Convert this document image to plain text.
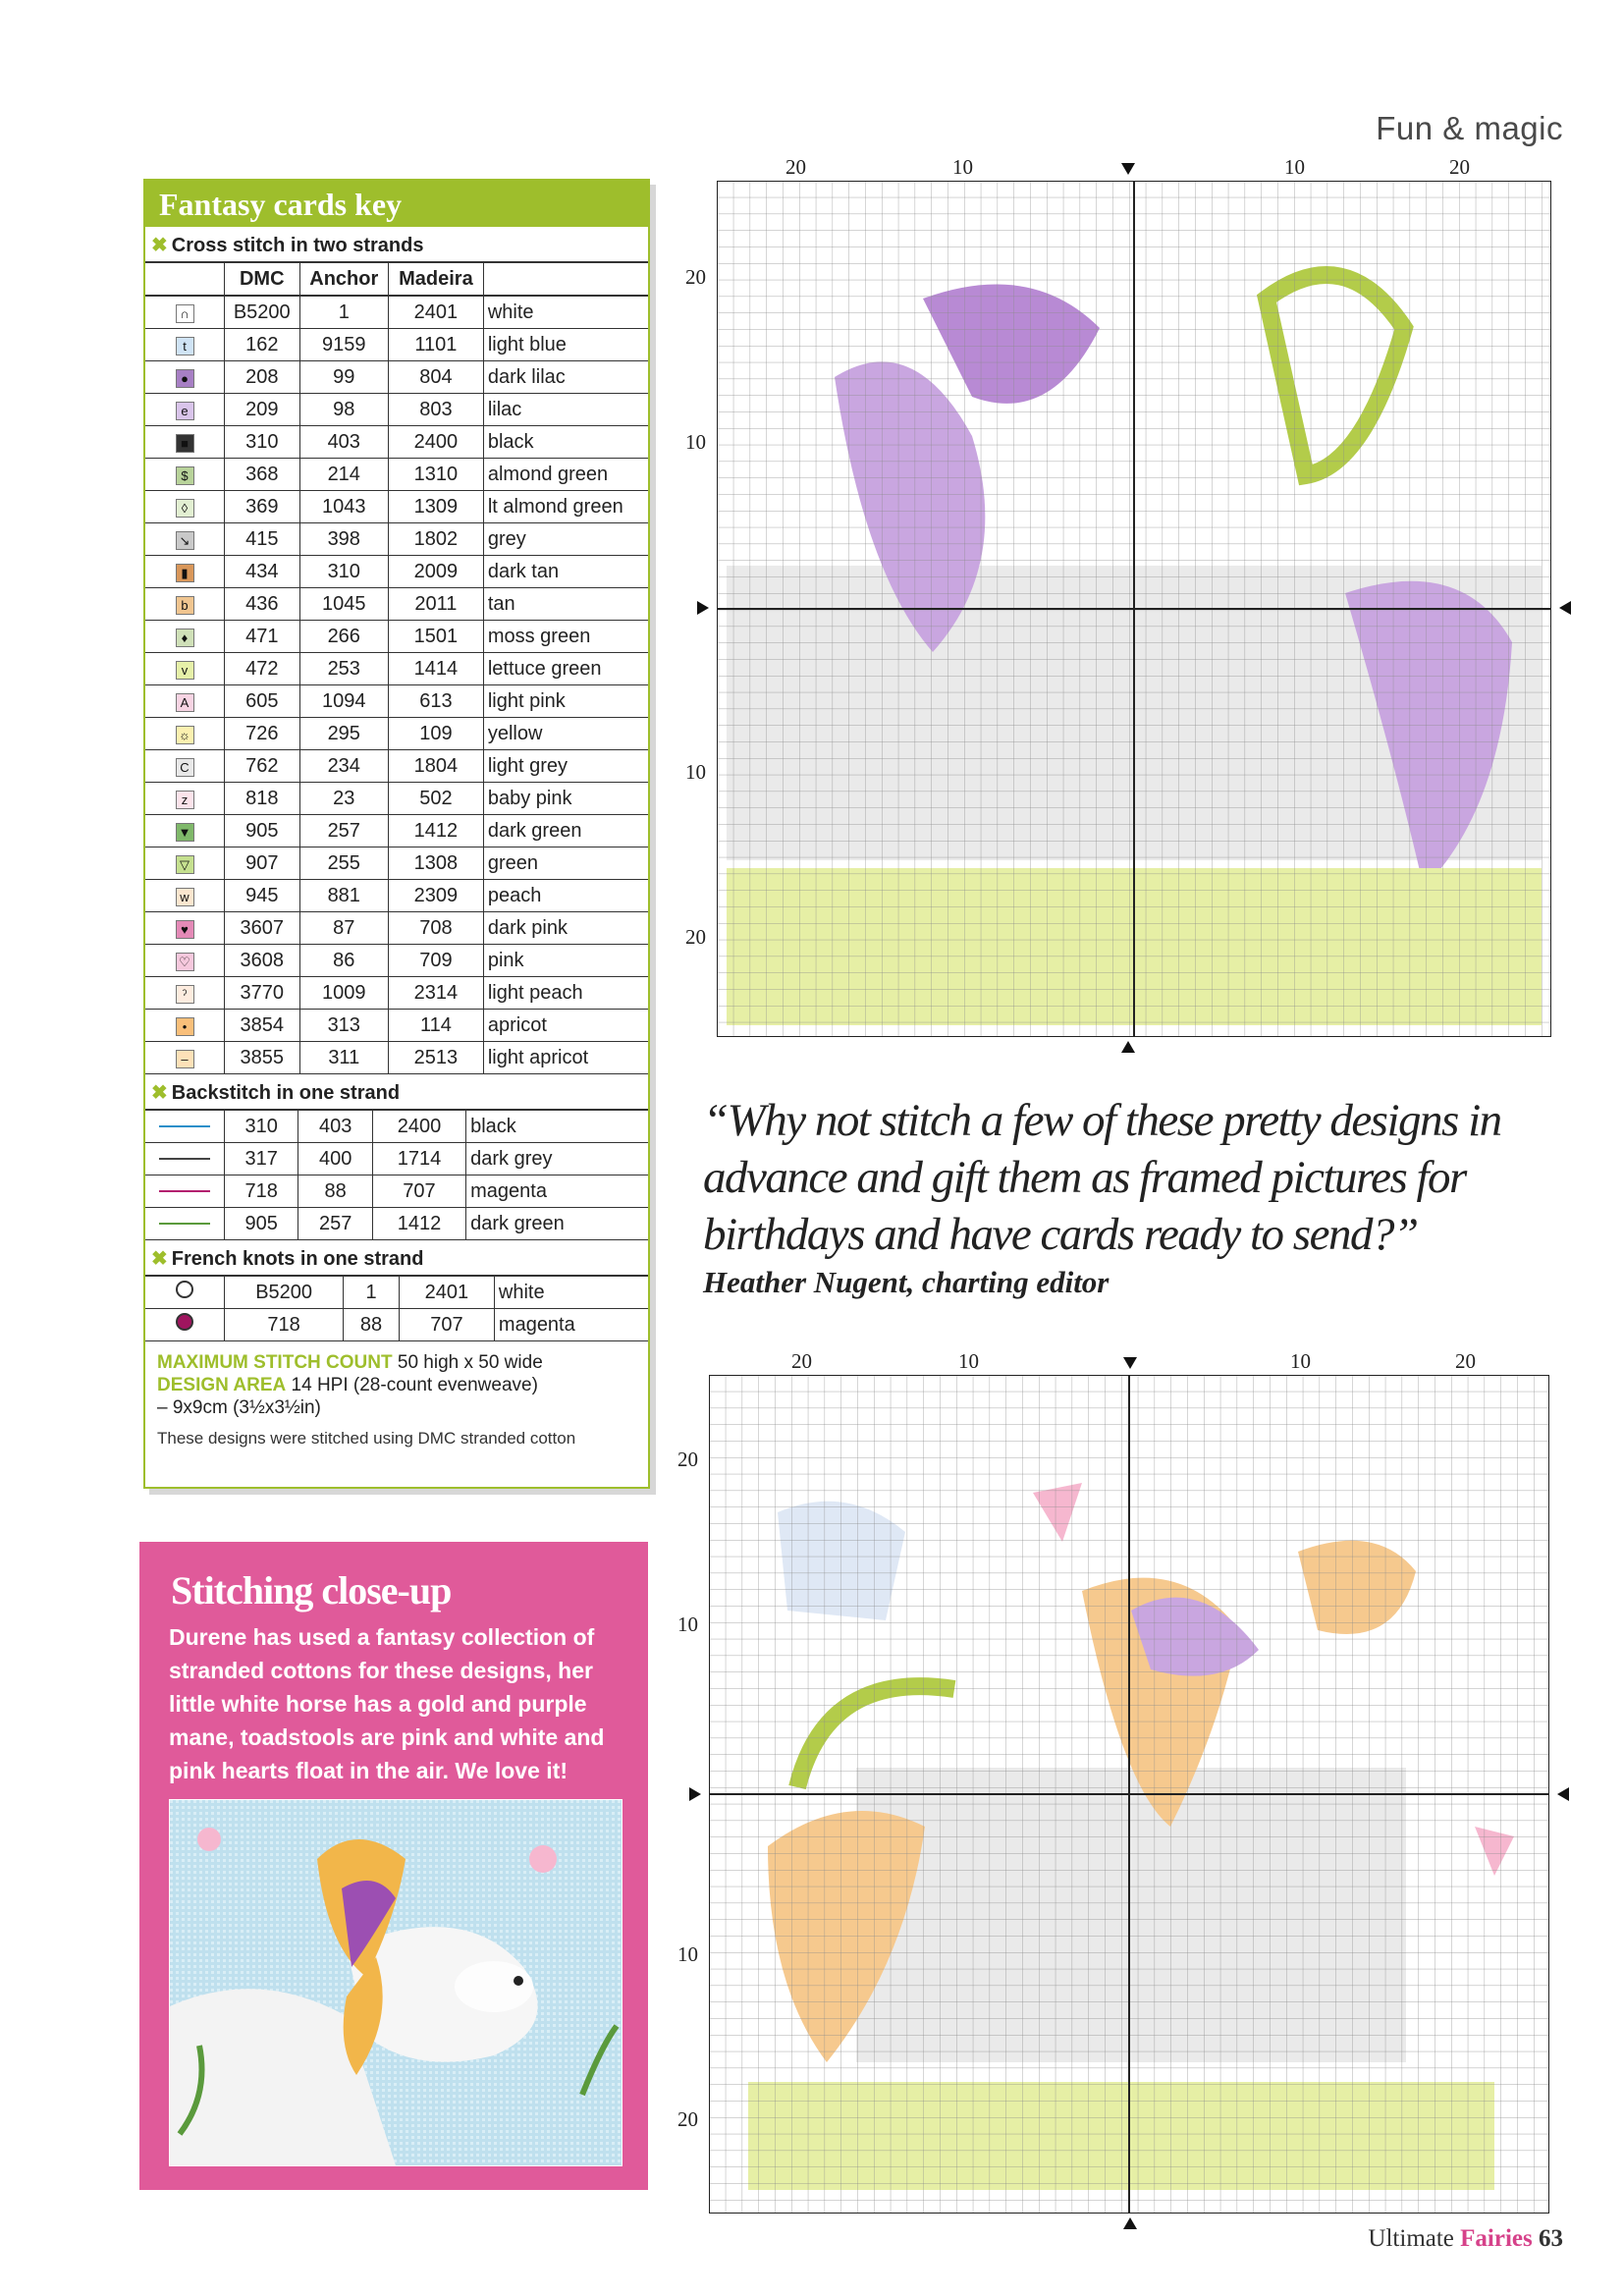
Fun & magic
Fantasy cards key
✖ Cross stitch in two strands
	DMC	Anchor	Madeira	
∩	B5200	1	2401	white
t	162	9159	1101	light blue
●	208	99	804	dark lilac
e	209	98	803	lilac
■	310	403	2400	black
$	368	214	1310	almond green
◊	369	1043	1309	lt almond green
↘	415	398	1802	grey
▮	434	310	2009	dark tan
b	436	1045	2011	tan
♦	471	266	1501	moss green
v	472	253	1414	lettuce green
A	605	1094	613	light pink
☼	726	295	109	yellow
C	762	234	1804	light grey
z	818	23	502	baby pink
▼	905	257	1412	dark green
▽	907	255	1308	green
w	945	881	2309	peach
♥	3607	87	708	dark pink
♡	3608	86	709	pink
ˀ	3770	1009	2314	light peach
•	3854	313	114	apricot
–	3855	311	2513	light apricot
✖ Backstitch in one strand
	310	403	2400	black
	317	400	1714	dark grey
	718	88	707	magenta
	905	257	1412	dark green
✖ French knots in one strand
	B5200	1	2401	white
	718	88	707	magenta
MAXIMUM STITCH COUNT 50 high x 50 wide
DESIGN AREA 14 HPI (28-count evenweave)
– 9x9cm (3½x3½in)
These designs were stitched using DMC stranded cotton
Stitching close-up

Durene has used a fantasy collection of stranded cottons for these designs, her little white horse has a gold and purple mane, toadstools are pink and white and pink hearts float in the air. We love it!

20	10	10	20
20
10
10
20
“Why not stitch a few of these pretty designs in advance and gift them as framed pictures for birthdays and have cards ready to send?”
Heather Nugent, charting editor
20	10	10	20
20
10
10
20
Ultimate Fairies 63
